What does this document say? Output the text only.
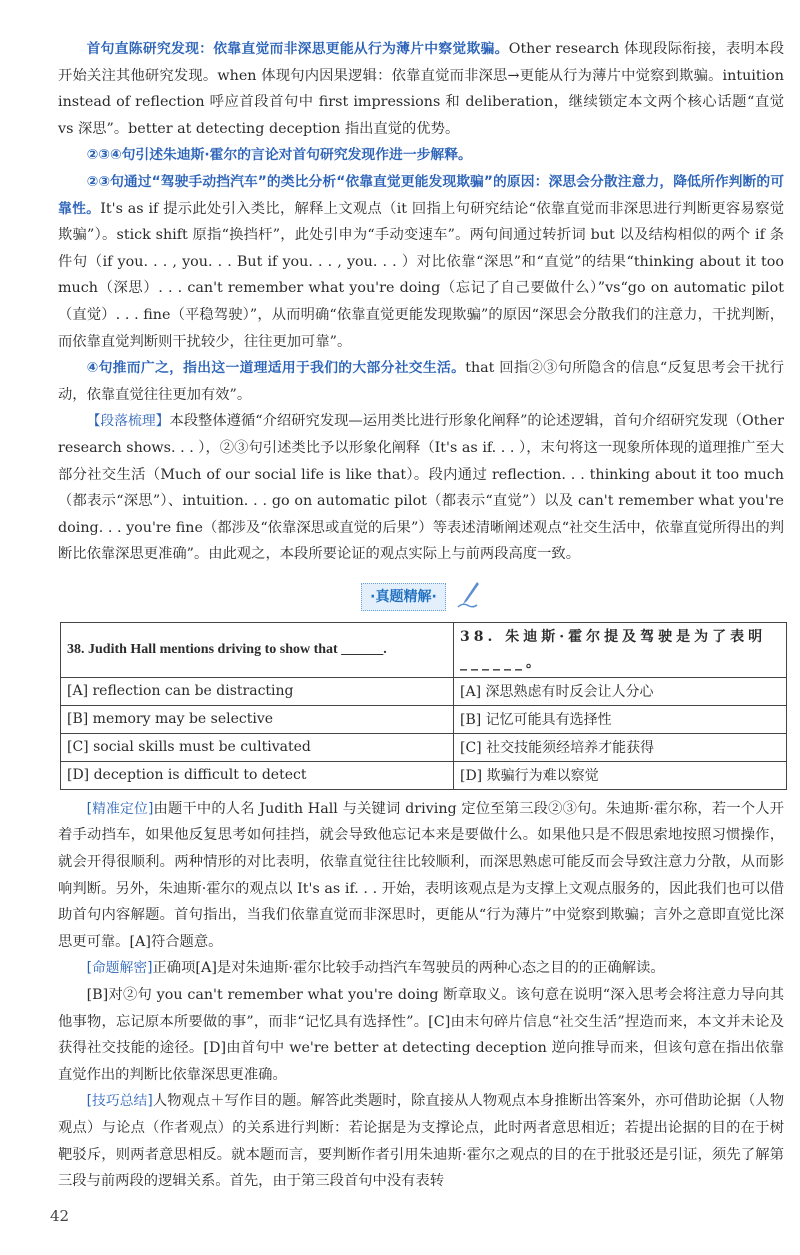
首句直陈研究发现：依靠直觉而非深思更能从行为薄片中察觉欺骗。Other research 体现段际衔接，表明本段开始关注其他研究发现。when 体现句内因果逻辑：依靠直觉而非深思→更能从行为薄片中觉察到欺骗。intuition instead of reflection 呼应首段首句中 first impressions 和 deliberation，继续锁定本文两个核心话题“直觉 vs 深思”。better at detecting deception 指出直觉的优势。

②③④句引述朱迪斯·霍尔的言论对首句研究发现作进一步解释。

②③句通过“驾驶手动挡汽车”的类比分析“依靠直觉更能发现欺骗”的原因：深思会分散注意力，降低所作判断的可靠性。It's as if 提示此处引入类比，解释上文观点（it 回指上句研究结论“依靠直觉而非深思进行判断更容易察觉欺骗”）。stick shift 原指“换挡杆”，此处引申为“手动变速车”。两句间通过转折词 but 以及结构相似的两个 if 条件句（if you. . . , you. . . But if you. . . , you. . . ）对比依靠“深思”和“直觉”的结果“thinking about it too much（深思）. . . can't remember what you're doing（忘记了自己要做什么）”vs“go on automatic pilot（直觉）. . . fine（平稳驾驶）”，从而明确“依靠直觉更能发现欺骗”的原因“深思会分散我们的注意力，干扰判断，而依靠直觉判断则干扰较少，往往更加可靠”。

④句推而广之，指出这一道理适用于我们的大部分社交生活。that 回指②③句所隐含的信息“反复思考会干扰行动，依靠直觉往往更加有效”。

【段落梳理】本段整体遵循“介绍研究发现—运用类比进行形象化阐释”的论述逻辑，首句介绍研究发现（Other research shows. . . ），②③句引述类比予以形象化阐释（It's as if. . . ），末句将这一现象所体现的道理推广至大部分社交生活（Much of our social life is like that）。段内通过 reflection. . . thinking about it too much（都表示“深思”）、intuition. . . go on automatic pilot（都表示“直觉”）以及 can't remember what you're doing. . . you're fine（都涉及“依靠深思或直觉的后果”）等表述清晰阐述观点“社交生活中，依靠直觉所得出的判断比依靠深思更准确”。由此观之，本段所要论证的观点实际上与前两段高度一致。

·真题精解·
38. Judith Hall mentions driving to show that ______.	38. 朱迪斯·霍尔提及驾驶是为了表明______。
[A] reflection can be distracting	[A] 深思熟虑有时反会让人分心
[B] memory may be selective	[B] 记忆可能具有选择性
[C] social skills must be cultivated	[C] 社交技能须经培养才能获得
[D] deception is difficult to detect	[D] 欺骗行为难以察觉

[精准定位]由题干中的人名 Judith Hall 与关键词 driving 定位至第三段②③句。朱迪斯·霍尔称，若一个人开着手动挡车，如果他反复思考如何挂挡，就会导致他忘记本来是要做什么。如果他只是不假思索地按照习惯操作，就会开得很顺利。两种情形的对比表明，依靠直觉往往比较顺利，而深思熟虑可能反而会导致注意力分散，从而影响判断。另外，朱迪斯·霍尔的观点以 It's as if. . . 开始，表明该观点是为支撑上文观点服务的，因此我们也可以借助首句内容解题。首句指出，当我们依靠直觉而非深思时，更能从“行为薄片”中觉察到欺骗；言外之意即直觉比深思更可靠。[A]符合题意。

[命题解密]正确项[A]是对朱迪斯·霍尔比较手动挡汽车驾驶员的两种心态之目的的正确解读。

[B]对②句 you can't remember what you're doing 断章取义。该句意在说明“深入思考会将注意力导向其他事物，忘记原本所要做的事”，而非“记忆具有选择性”。[C]由末句碎片信息“社交生活”捏造而来，本文并未论及获得社交技能的途径。[D]由首句中 we're better at detecting deception 逆向推导而来，但该句意在指出依靠直觉作出的判断比依靠深思更准确。

[技巧总结]人物观点＋写作目的题。解答此类题时，除直接从人物观点本身推断出答案外，亦可借助论据（人物观点）与论点（作者观点）的关系进行判断：若论据是为支撑论点，此时两者意思相近；若提出论据的目的在于树靶驳斥，则两者意思相反。就本题而言，要判断作者引用朱迪斯·霍尔之观点的目的在于批驳还是引证，须先了解第三段与前两段的逻辑关系。首先，由于第三段首句中没有表转

42
